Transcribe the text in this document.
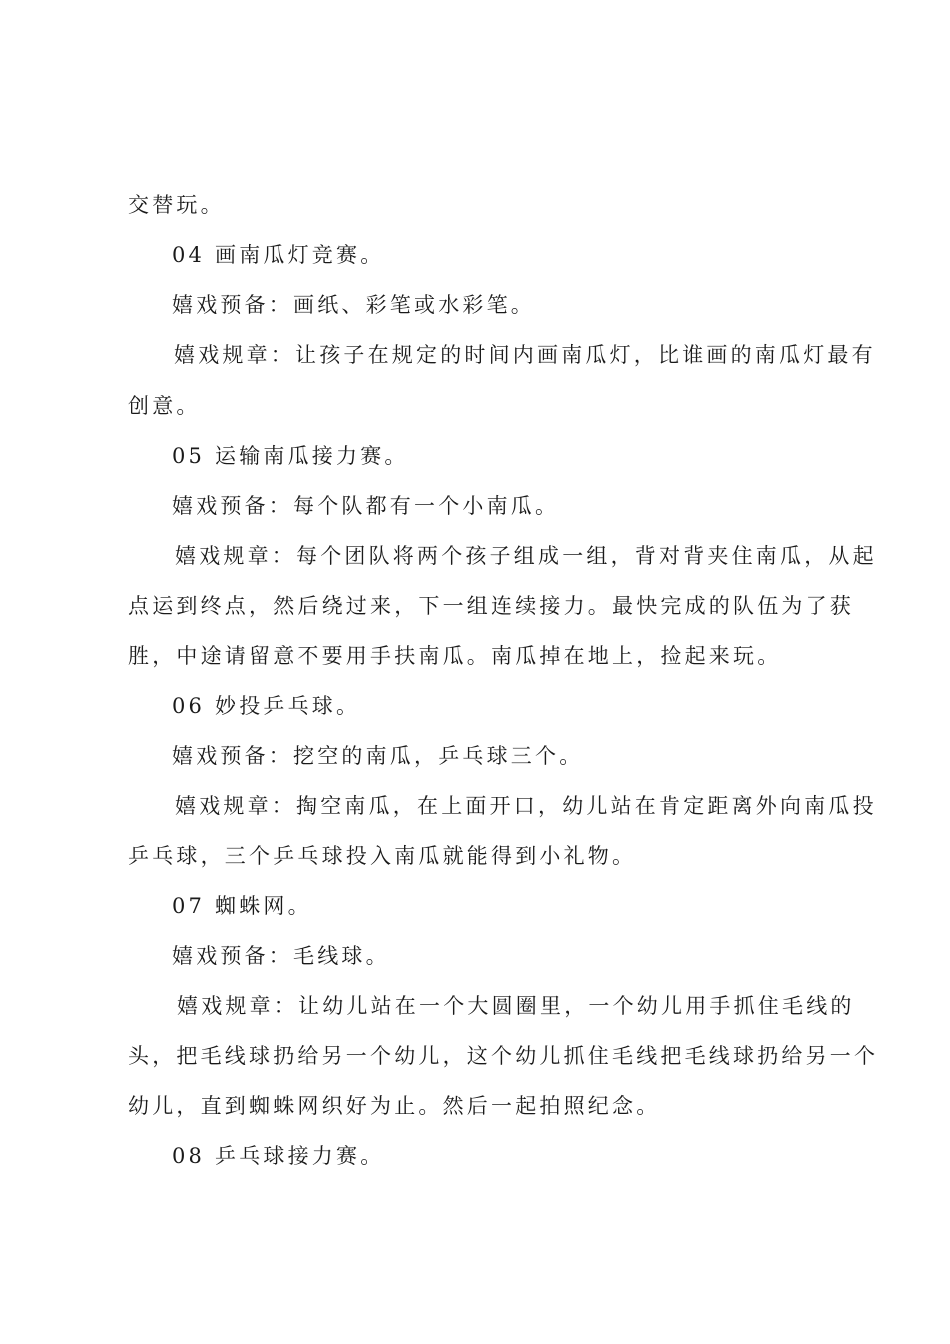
交替玩。
04 画南瓜灯竞赛。
嬉戏预备：画纸、彩笔或水彩笔。
嬉戏规章：让孩子在规定的时间内画南瓜灯，比谁画的南瓜灯最有
创意。
05 运输南瓜接力赛。
嬉戏预备：每个队都有一个小南瓜。
嬉戏规章：每个团队将两个孩子组成一组，背对背夹住南瓜，从起
点运到终点，然后绕过来，下一组连续接力。最快完成的队伍为了获
胜，中途请留意不要用手扶南瓜。南瓜掉在地上，捡起来玩。
06 妙投乒乓球。
嬉戏预备：挖空的南瓜，乒乓球三个。
嬉戏规章：掏空南瓜，在上面开口，幼儿站在肯定距离外向南瓜投
乒乓球，三个乒乓球投入南瓜就能得到小礼物。
07 蜘蛛网。
嬉戏预备：毛线球。
嬉戏规章：让幼儿站在一个大圆圈里，一个幼儿用手抓住毛线的
头，把毛线球扔给另一个幼儿，这个幼儿抓住毛线把毛线球扔给另一个
幼儿，直到蜘蛛网织好为止。然后一起拍照纪念。
08 乒乓球接力赛。
